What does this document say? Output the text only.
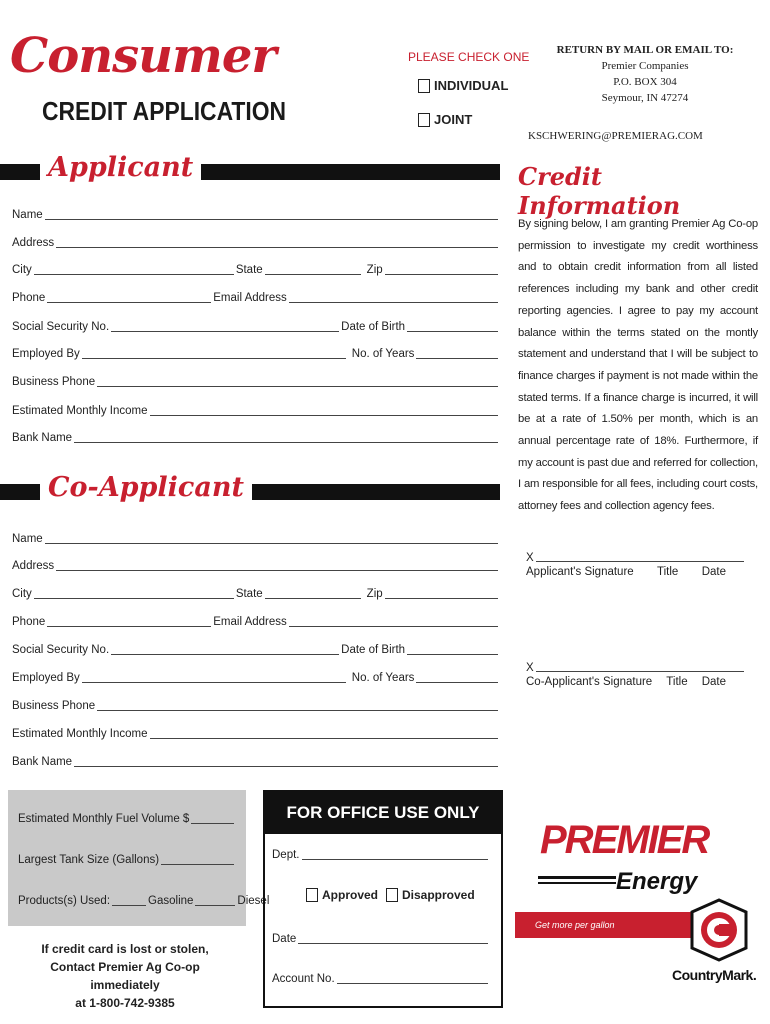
Consumer
CREDIT APPLICATION
PLEASE CHECK ONE
INDIVIDUAL
JOINT
RETURN BY MAIL OR EMAIL TO:
Premier Companies
P.O. BOX 304
Seymour, IN 47274
KSCHWERING@PREMIERAG.COM
Applicant	Credit Information
Name
Address
City	State	Zip
Phone	Email Address
Social Security No.	Date of Birth
Employed By	No. of Years
Business Phone
Estimated Monthly Income
Bank Name
By signing below, I am granting Premier Ag Co-op permission to investigate my credit worthiness and to obtain credit information from all listed references including my bank and other credit reporting agencies. I agree to pay my account balance within the terms stated on the montly statement and understand that I will be subject to finance charges if payment is not made within the stated terms. If a finance charge is incurred, it will be at a rate of 1.50% per month, which is an annual percentage rate of 18%. Furthermore, if my account is past due and referred for collection, I am responsible for all fees, including court costs, attorney fees and collection agency fees.
Co-Applicant
Name
Address
City	State	Zip
Phone	Email Address
Social Security No.	Date of Birth
Employed By	No. of Years
Business Phone
Estimated Monthly Income
Bank Name
X
Applicant's Signature Title Date
X
Co-Applicant's Signature Title Date
Estimated Monthly Fuel Volume $
Largest Tank Size (Gallons)
Products(s) Used:	Gasoline	Diesel
If credit card is lost or stolen,
Contact Premier Ag Co-op immediately
at 1-800-742-9385
FOR OFFICE USE ONLY
Dept.
Approved Disapproved
Date
Account No.
PREMIER
Energy
Get more per gallon
CountryMark.
